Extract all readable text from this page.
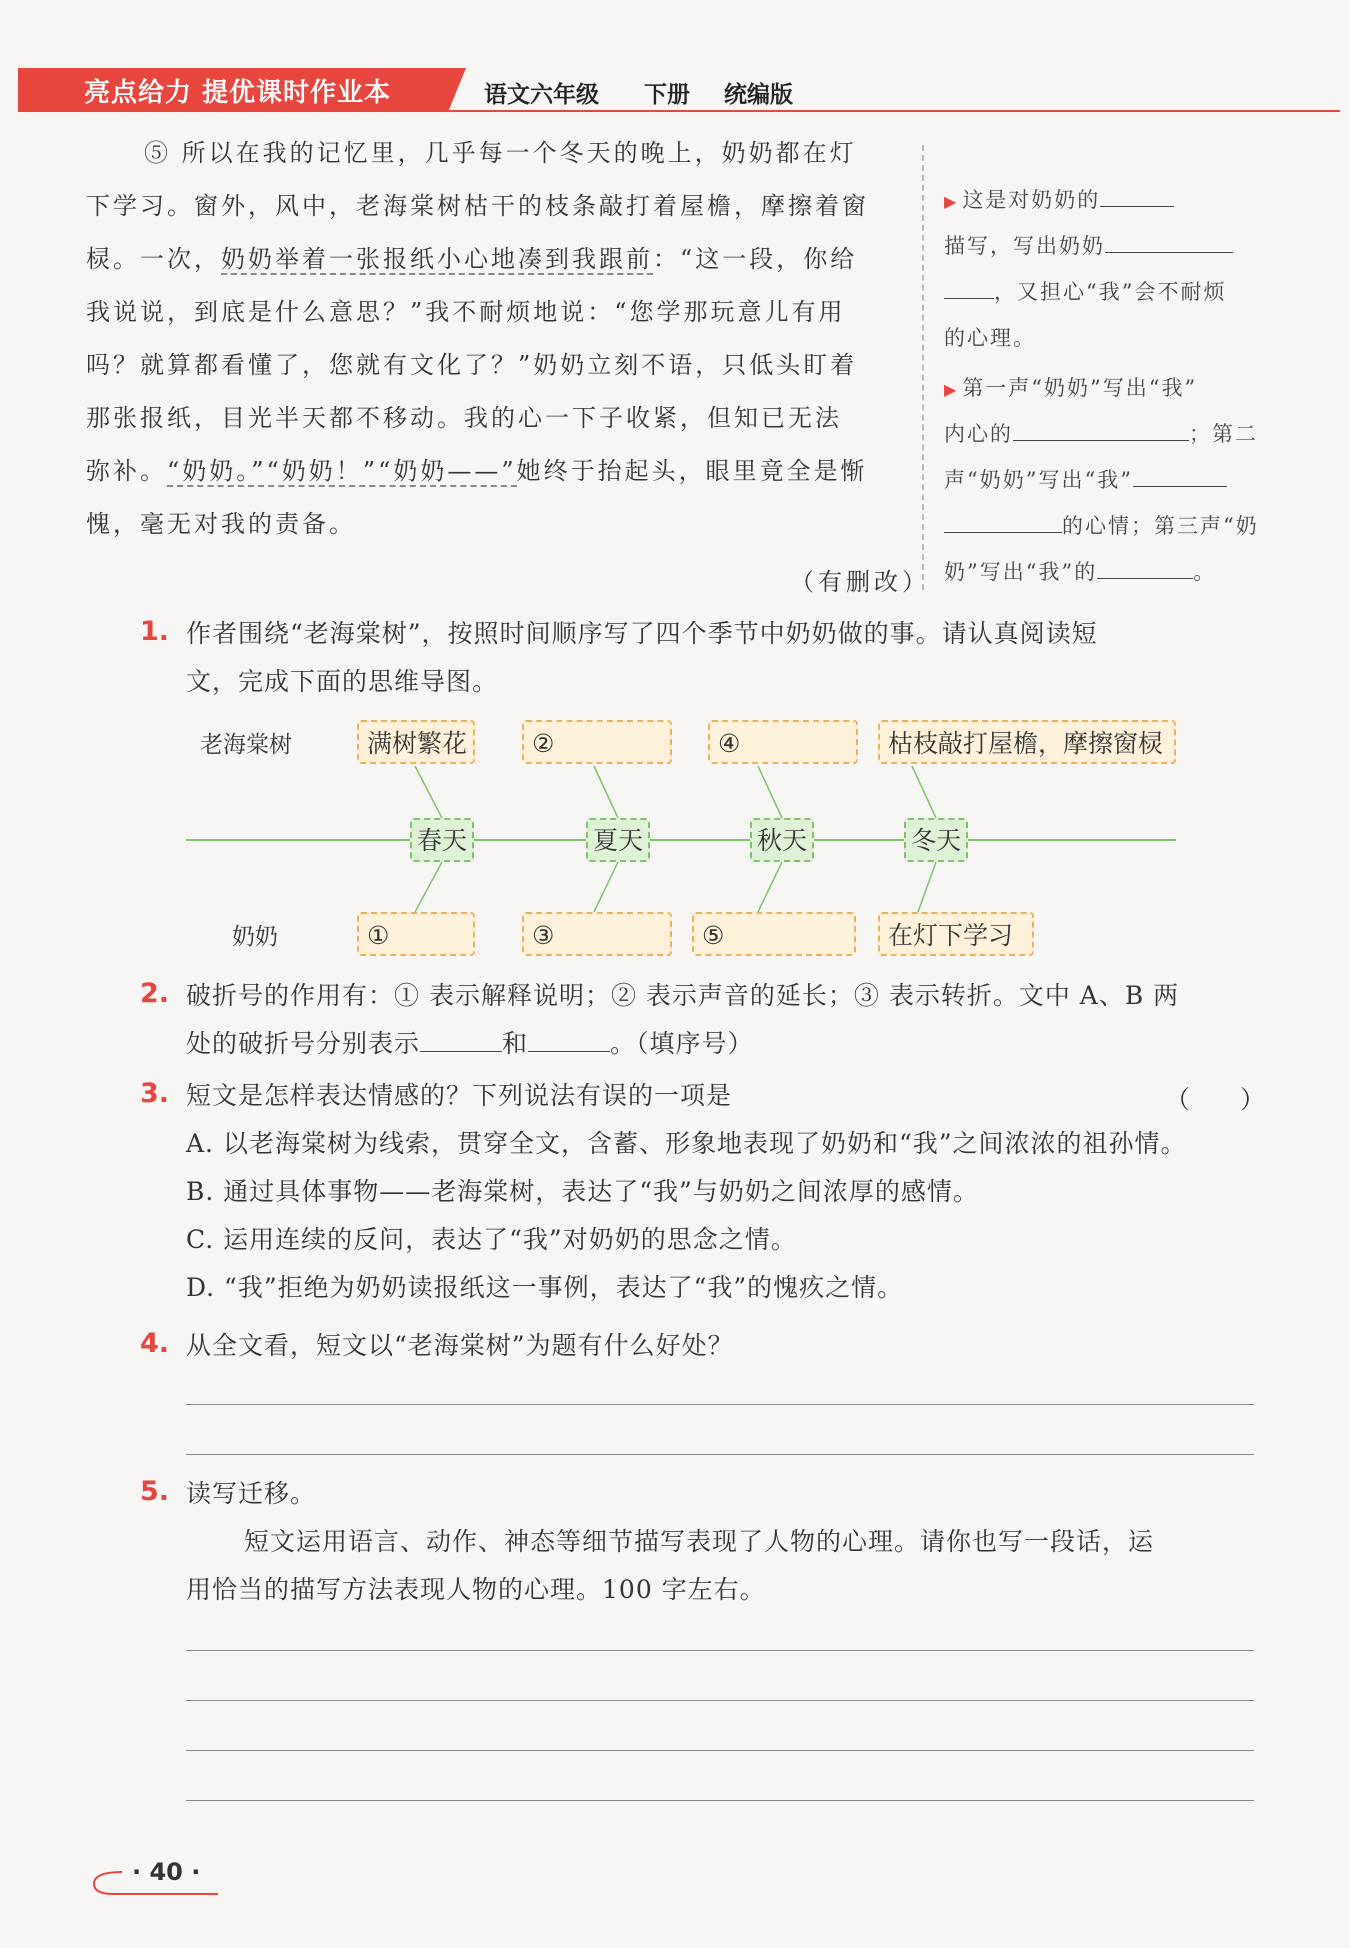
亮点给力 提优课时作业本	语文六年级 下册 统编版
⑤ 所以在我的记忆里，几乎每一个冬天的晚上，奶奶都在灯
下学习。窗外，风中，老海棠树枯干的枝条敲打着屋檐，摩擦着窗
棂。一次，奶奶举着一张报纸小心地凑到我跟前：“这一段，你给
我说说，到底是什么意思？”我不耐烦地说：“您学那玩意儿有用
吗？就算都看懂了，您就有文化了？”奶奶立刻不语，只低头盯着
那张报纸，目光半天都不移动。我的心一下子收紧，但知已无法
弥补。“奶奶。”“奶奶！”“奶奶——”她终于抬起头，眼里竟全是惭
愧，毫无对我的责备。
（有删改）
▶ 这是对奶奶的
描写，写出奶奶
，又担心“我”会不耐烦
的心理。
▶ 第一声“奶奶”写出“我”
内心的	；第二
声“奶奶”写出“我”
的心情；第三声“奶
奶”写出“我”的	。
1. 作者围绕“老海棠树”，按照时间顺序写了四个季节中奶奶做的事。请认真阅读短
文，完成下面的思维导图。
老海棠树
奶奶
满树繁花	②	④	枯枝敲打屋檐，摩擦窗棂
春天	夏天	秋天	冬天
①	③	⑤	在灯下学习
2. 破折号的作用有：① 表示解释说明；② 表示声音的延长；③ 表示转折。文中 A、B 两
处的破折号分别表示	和	。（填序号）
3. 短文是怎样表达情感的？下列说法有误的一项是	（　　）
A. 以老海棠树为线索，贯穿全文，含蓄、形象地表现了奶奶和“我”之间浓浓的祖孙情。
B. 通过具体事物——老海棠树，表达了“我”与奶奶之间浓厚的感情。
C. 运用连续的反问，表达了“我”对奶奶的思念之情。
D. “我”拒绝为奶奶读报纸这一事例，表达了“我”的愧疚之情。
4. 从全文看，短文以“老海棠树”为题有什么好处？
5. 读写迁移。
短文运用语言、动作、神态等细节描写表现了人物的心理。请你也写一段话，运
用恰当的描写方法表现人物的心理。100 字左右。
· 40 ·
